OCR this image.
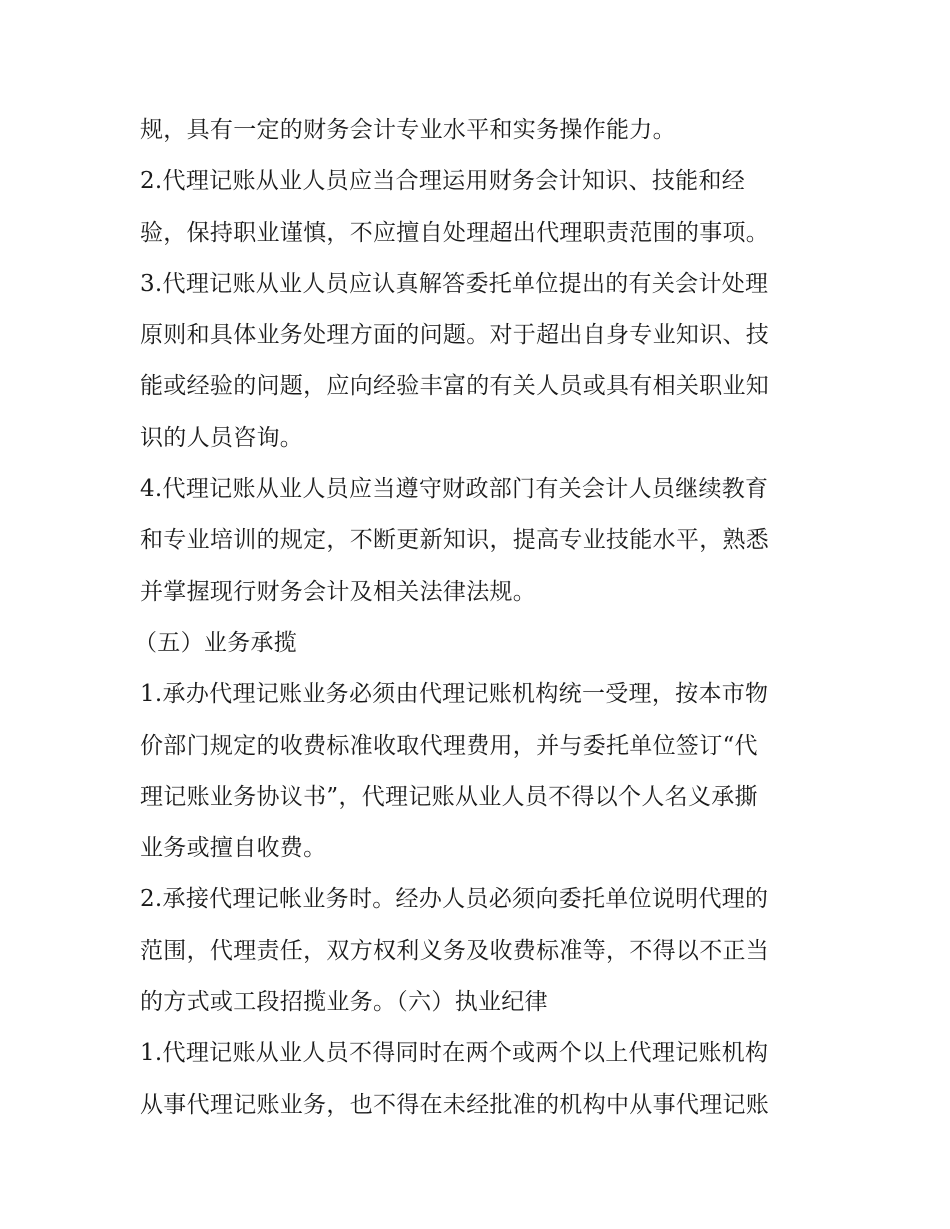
规，具有一定的财务会计专业水平和实务操作能力。
2.代理记账从业人员应当合理运用财务会计知识、技能和经
验，保持职业谨慎，不应擅自处理超出代理职责范围的事项。
3.代理记账从业人员应认真解答委托单位提出的有关会计处理
原则和具体业务处理方面的问题。对于超出自身专业知识、技
能或经验的问题，应向经验丰富的有关人员或具有相关职业知
识的人员咨询。
4.代理记账从业人员应当遵守财政部门有关会计人员继续教育
和专业培训的规定，不断更新知识，提高专业技能水平，熟悉
并掌握现行财务会计及相关法律法规。
（五）业务承揽
1.承办代理记账业务必须由代理记账机构统一受理，按本市物
价部门规定的收费标准收取代理费用，并与委托单位签订“代
理记账业务协议书”，代理记账从业人员不得以个人名义承撕
业务或擅自收费。
2.承接代理记帐业务时。经办人员必须向委托单位说明代理的
范围，代理责任，双方权利义务及收费标准等，不得以不正当
的方式或工段招揽业务。（六）执业纪律
1.代理记账从业人员不得同时在两个或两个以上代理记账机构
从事代理记账业务，也不得在未经批准的机构中从事代理记账
